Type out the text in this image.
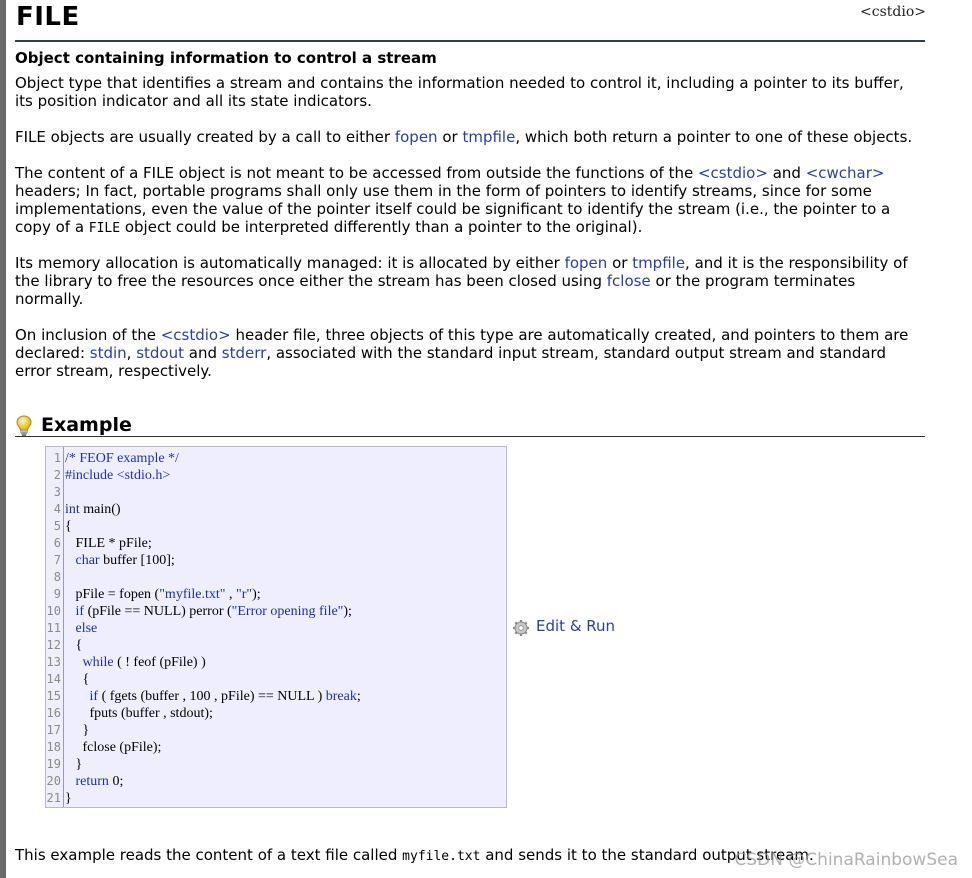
FILE	<cstdio>
Object containing information to control a stream

Object type that identifies a stream and contains the information needed to control it, including a pointer to its buffer, its position indicator and all its state indicators.

FILE objects are usually created by a call to either fopen or tmpfile, which both return a pointer to one of these objects.

The content of a FILE object is not meant to be accessed from outside the functions of the <cstdio> and <cwchar> headers; In fact, portable programs shall only use them in the form of pointers to identify streams, since for some implementations, even the value of the pointer itself could be significant to identify the stream (i.e., the pointer to a copy of a FILE object could be interpreted differently than a pointer to the original).

Its memory allocation is automatically managed: it is allocated by either fopen or tmpfile, and it is the responsibility of the library to free the resources once either the stream has been closed using fclose or the program terminates normally.

On inclusion of the <cstdio> header file, three objects of this type are automatically created, and pointers to them are declared: stdin, stdout and stderr, associated with the standard input stream, standard output stream and standard error stream, respectively.

Example
1
2
3
4
5
6
7
8
9
10
11
12
13
14
15
16
17
18
19
20
21
/* FEOF example */
#include <stdio.h>

int main()
{
FILE * pFile;
char buffer [100];

pFile = fopen ("myfile.txt" , "r");
if (pFile == NULL) perror ("Error opening file");
else
{
while ( ! feof (pFile) )
{
if ( fgets (buffer , 100 , pFile) == NULL ) break;
fputs (buffer , stdout);
}
fclose (pFile);
}
return 0;
}
Edit & Run
This example reads the content of a text file called myfile.txt and sends it to the standard output stream.
CSDN @ChinaRainbowSea
